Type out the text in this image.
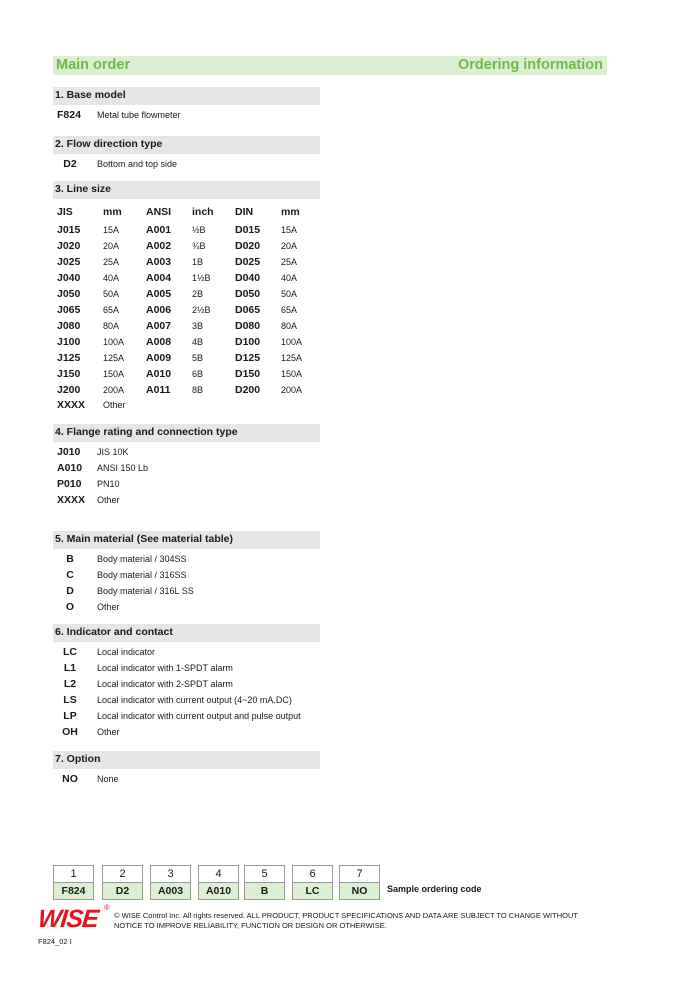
Main order	Ordering information
1. Base model
F824 Metal tube flowmeter
2. Flow direction type
D2	Bottom and top side
3. Line size
JIS	mm ANSI inch DIN	mm
J015	15A	A001 ½B	D015 15A
J020	20A	A002 ¾B	D020 20A
J025	25A	A003 1B	D025 25A
J040	40A	A004 1½B D040 40A
J050	50A	A005 2B	D050 50A
J065	65A	A006 2½B D065 65A
J080	80A	A007 3B	D080 80A
J100	100A A008 4B	D100 100A
J125	125A A009 5B	D125 125A
J150	150A A010 6B	D150 150A
J200	200A A011 8B	D200 200A
XXXX Other
4. Flange rating and connection type
J010 JIS 10K
A010 ANSI 150 Lb
P010 PN10
XXXX Other
5. Main material (See material table)
B	Body material / 304SS
C	Body material / 316SS
D	Body material / 316L SS
O	Other
6. Indicator and contact
LC	Local indicator
L1	Local indicator with 1-SPDT alarm
L2	Local indicator with 2-SPDT alarm
LS	Local indicator with current output (4~20 mA.DC)
LP	Local indicator with current output and pulse output
OH	Other
7. Option
NO	None
1
F824
2
D2
3
A003
4
A010
5
B
6
LC
7
NO	Sample ordering code
WISE ®
© WISE Control Inc. All rights reserved. ALL PRODUCT, PRODUCT SPECIFICATIONS AND DATA ARE SUBJECT TO CHANGE WITHOUT NOTICE TO IMPROVE RELIABILITY, FUNCTION OR DESIGN OR OTHERWISE.
F824_02 I
